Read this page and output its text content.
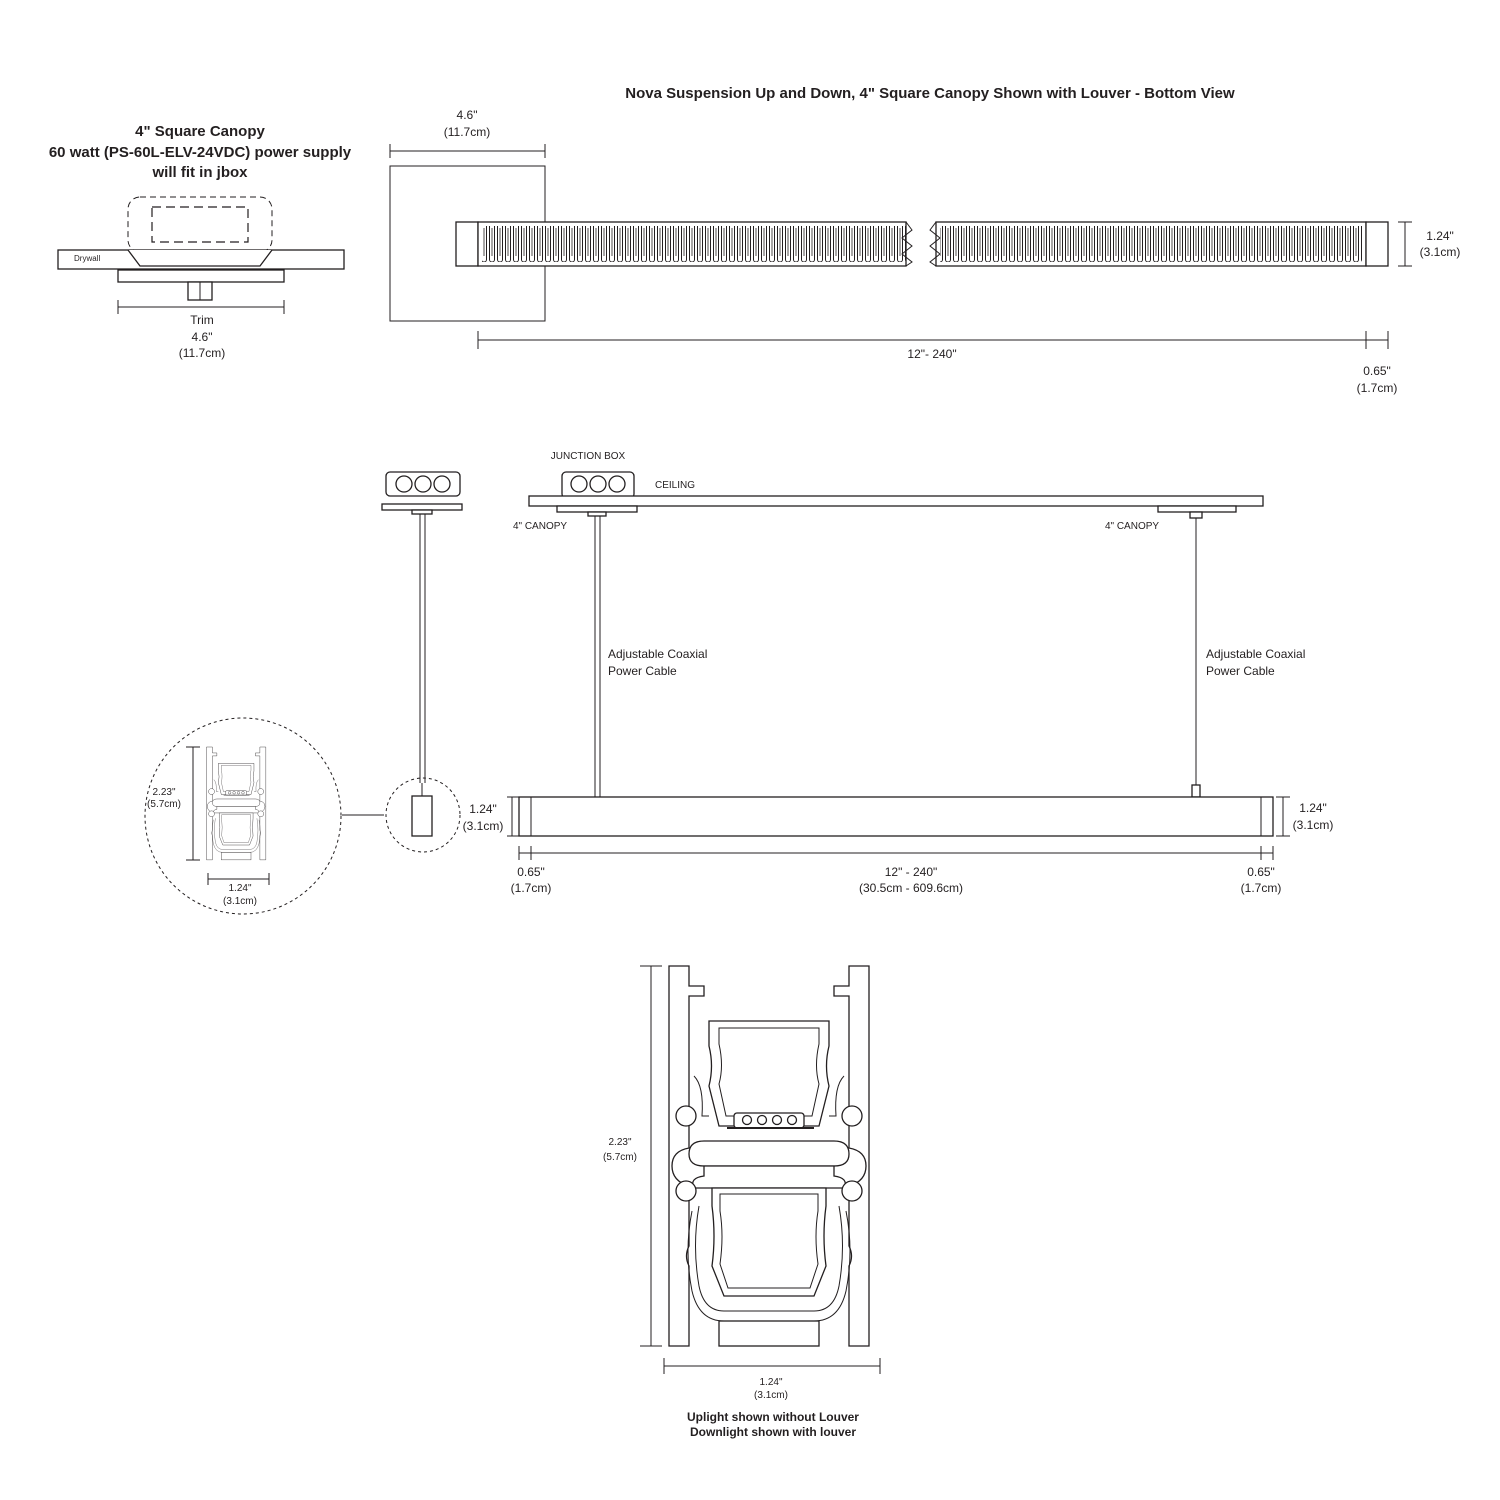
4" Square Canopy
60 watt (PS-60L-ELV-24VDC) power supply
will fit in jbox
Drywall
Trim
4.6"
(11.7cm)
Nova Suspension Up and Down, 4" Square Canopy Shown with Louver - Bottom View
4.6"
(11.7cm)
1.24"
(3.1cm)
12"- 240"
0.65"
(1.7cm)
JUNCTION BOX
CEILING
4" CANOPY	4" CANOPY
Adjustable Coaxial
Power Cable
Adjustable Coaxial
Power Cable
1.24"
(3.1cm)
1.24"
(3.1cm)
0.65"
(1.7cm)
12" - 240"
(30.5cm - 609.6cm)
0.65"
(1.7cm)
2.23"
(5.7cm)
1.24"
(3.1cm)
2.23"
(5.7cm)
1.24"
(3.1cm)
Uplight shown without Louver
Downlight shown with louver
